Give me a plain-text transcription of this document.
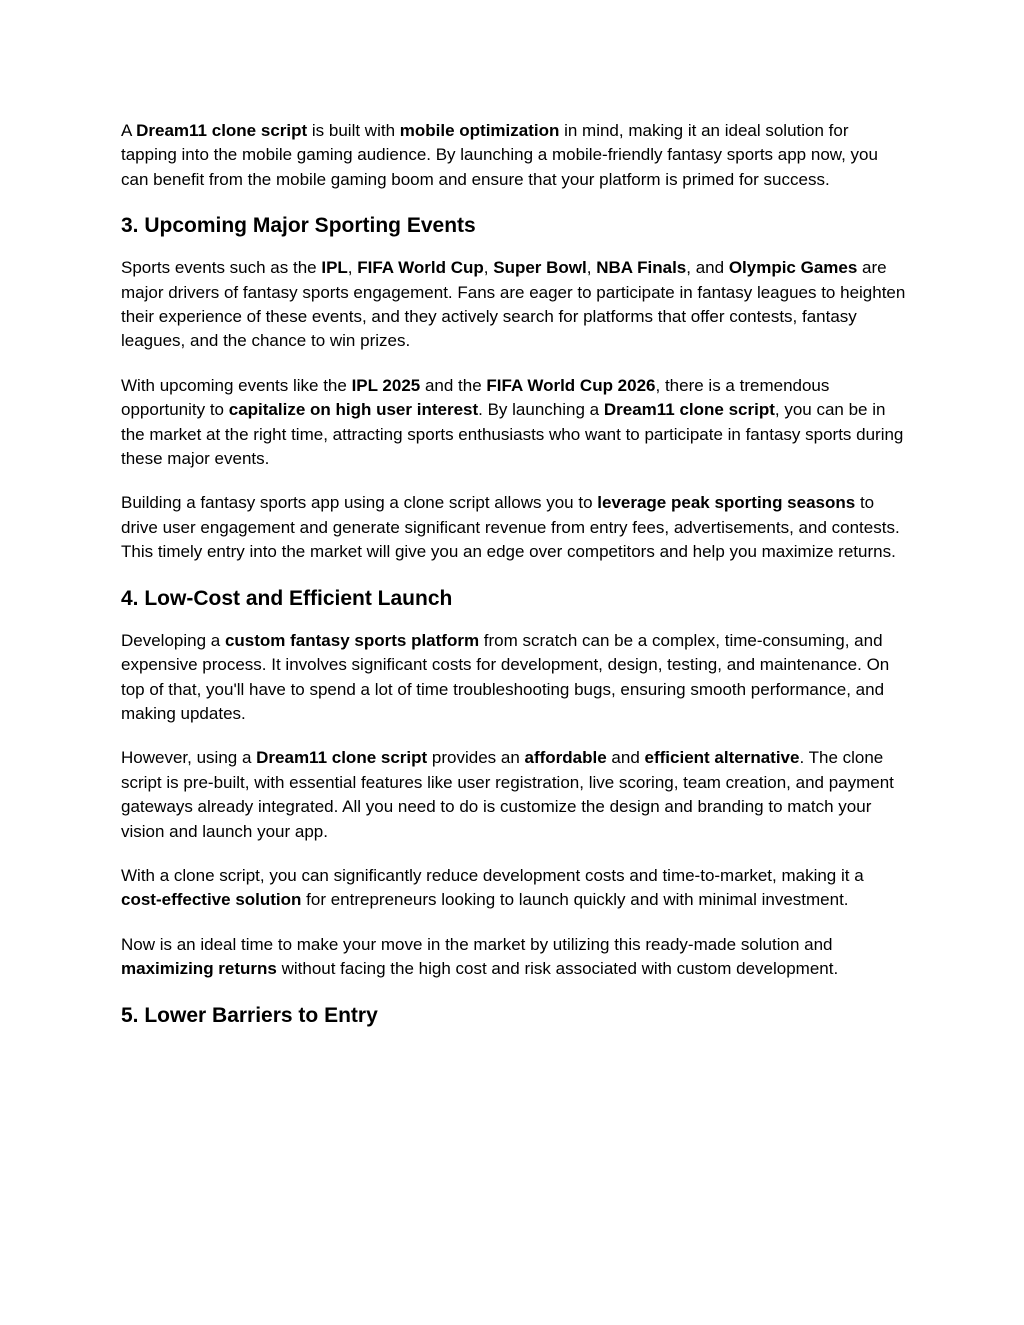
A Dream11 clone script is built with mobile optimization in mind, making it an ideal solution for tapping into the mobile gaming audience. By launching a mobile-friendly fantasy sports app now, you can benefit from the mobile gaming boom and ensure that your platform is primed for success.

3. Upcoming Major Sporting Events

Sports events such as the IPL, FIFA World Cup, Super Bowl, NBA Finals, and Olympic Games are major drivers of fantasy sports engagement. Fans are eager to participate in fantasy leagues to heighten their experience of these events, and they actively search for platforms that offer contests, fantasy leagues, and the chance to win prizes.

With upcoming events like the IPL 2025 and the FIFA World Cup 2026, there is a tremendous opportunity to capitalize on high user interest. By launching a Dream11 clone script, you can be in the market at the right time, attracting sports enthusiasts who want to participate in fantasy sports during these major events.

Building a fantasy sports app using a clone script allows you to leverage peak sporting seasons to drive user engagement and generate significant revenue from entry fees, advertisements, and contests. This timely entry into the market will give you an edge over competitors and help you maximize returns.

4. Low-Cost and Efficient Launch

Developing a custom fantasy sports platform from scratch can be a complex, time-consuming, and expensive process. It involves significant costs for development, design, testing, and maintenance. On top of that, you'll have to spend a lot of time troubleshooting bugs, ensuring smooth performance, and making updates.

However, using a Dream11 clone script provides an affordable and efficient alternative. The clone script is pre-built, with essential features like user registration, live scoring, team creation, and payment gateways already integrated. All you need to do is customize the design and branding to match your vision and launch your app.

With a clone script, you can significantly reduce development costs and time-to-market, making it a cost-effective solution for entrepreneurs looking to launch quickly and with minimal investment.

Now is an ideal time to make your move in the market by utilizing this ready-made solution and maximizing returns without facing the high cost and risk associated with custom development.

5. Lower Barriers to Entry
